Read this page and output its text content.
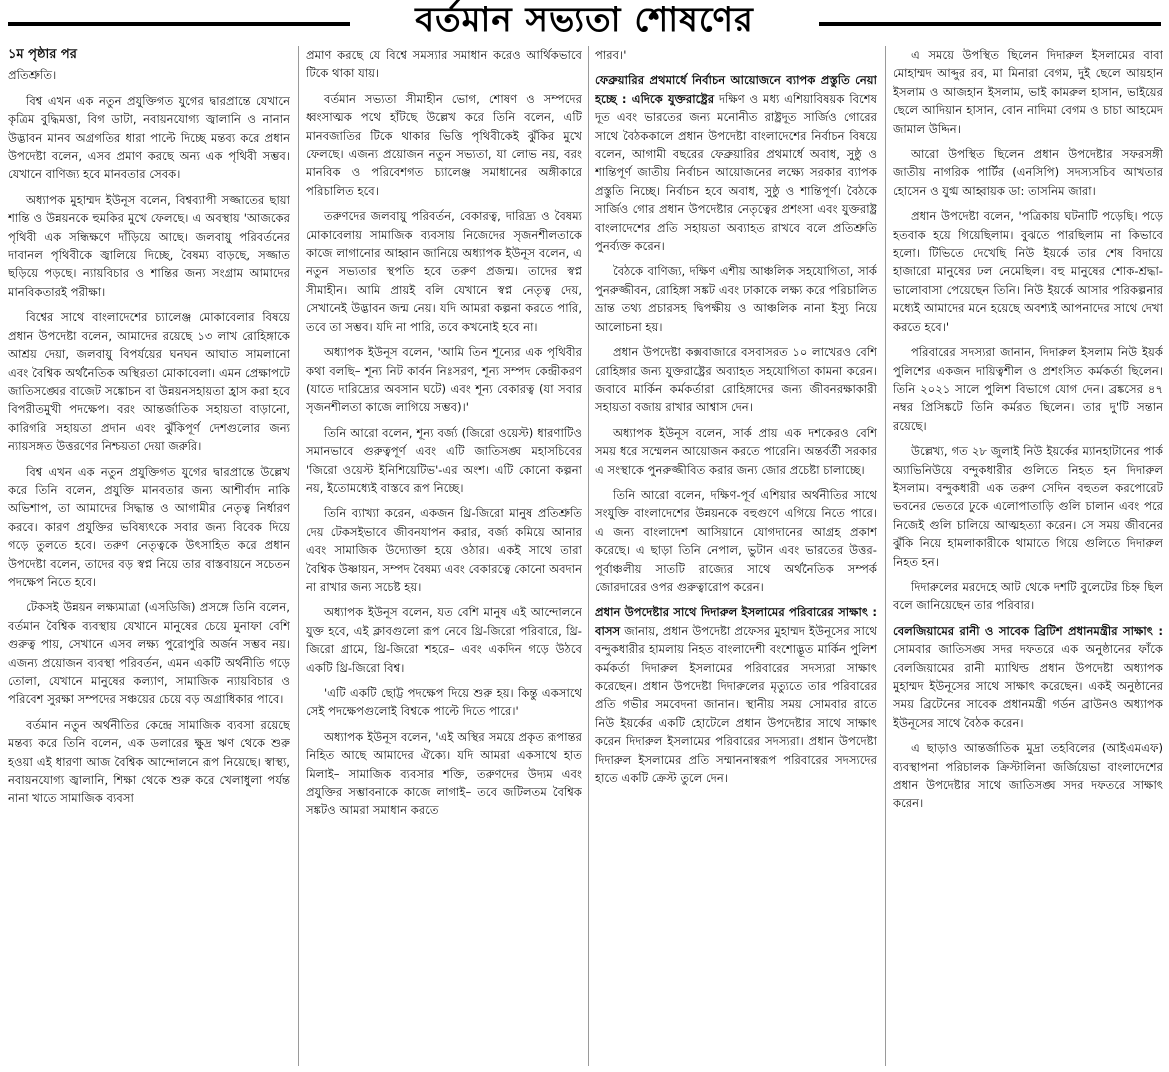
বর্তমান সভ্যতা শোষণের
১ম পৃষ্ঠার পর

প্রতিশ্রুতি।

বিশ্ব এখন এক নতুন প্রযুক্তিগত যুগের দ্বারপ্রান্তে যেখানে কৃত্রিম বুদ্ধিমত্তা, বিগ ডাটা, নবায়নযোগ্য জ্বালানি ও নানান উদ্ভাবন মানব অগ্রগতির ধারা পাল্টে দিচ্ছে মন্তব্য করে প্রধান উপদেষ্টা বলেন, এসব প্রমাণ করছে অন্য এক পৃথিবী সম্ভব। যেখানে বাণিজ্য হবে মানবতার সেবক।

অধ্যাপক মুহাম্মদ ইউনূস বলেন, বিশ্বব্যাপী সজ্জাতের ছায়া শান্তি ও উন্নয়নকে হুমকির মুখে ফেলছে। এ অবস্থায় 'আজকের পৃথিবী এক সন্ধিক্ষণে দাঁড়িয়ে আছে। জলবায়ু পরিবর্তনের দাবানল পৃথিবীকে জ্বালিয়ে দিচ্ছে, বৈষম্য বাড়ছে, সজ্জাত ছড়িয়ে পড়ছে। ন্যায়বিচার ও শান্তির জন্য সংগ্রাম আমাদের মানবিকতারই পরীক্ষা।

বিশ্বের সাথে বাংলাদেশের চ্যালেঞ্জ মোকাবেলার বিষয়ে প্রধান উপদেষ্টা বলেন, আমাদের রয়েছে ১৩ লাখ রোহিঙ্গাকে আশ্রয় দেয়া, জলবায়ু বিপর্যয়ের ঘনঘন আঘাত সামলানো এবং বৈশ্বিক অর্থনৈতিক অস্থিরতা মোকাবেলা। এমন প্রেক্ষাপটে জাতিসঙ্ঘের বাজেট সঙ্কোচন বা উন্নয়নসহায়তা হ্রাস করা হবে বিপরীতমুখী পদক্ষেপ। বরং আন্তর্জাতিক সহায়তা বাড়ানো, কারিগরি সহায়তা প্রদান এবং ঝুঁকিপূর্ণ দেশগুলোর জন্য ন্যায়সঙ্গত উত্তরণের নিশ্চয়তা দেয়া জরুরি।

বিশ্ব এখন এক নতুন প্রযুক্তিগত যুগের দ্বারপ্রান্তে উল্লেখ করে তিনি বলেন, প্রযুক্তি মানবতার জন্য আশীর্বাদ নাকি অভিশাপ, তা আমাদের সিদ্ধান্ত ও আগামীর নেতৃত্ব নির্ধারণ করবে। কারণ প্রযুক্তির ভবিষ্যৎকে সবার জন্য বিবেক দিয়ে গড়ে তুলতে হবে। তরুণ নেতৃত্বকে উৎসাহিত করে প্রধান উপদেষ্টা বলেন, তাদের বড় স্বপ্ন নিয়ে তার বাস্তবায়নে সচেতন পদক্ষেপ নিতে হবে।

টেকসই উন্নয়ন লক্ষ্যমাত্রা (এসডিজি) প্রসঙ্গে তিনি বলেন, বর্তমান বৈশ্বিক ব্যবস্থায় যেখানে মানুষের চেয়ে মুনাফা বেশি গুরুত্ব পায়, সেখানে এসব লক্ষ্য পুরোপুরি অর্জন সম্ভব নয়। এজন্য প্রয়োজন ব্যবস্থা পরিবর্তন, এমন একটি অর্থনীতি গড়ে তোলা, যেখানে মানুষের কল্যাণ, সামাজিক ন্যায়বিচার ও পরিবেশ সুরক্ষা সম্পদের সঞ্চয়ের চেয়ে বড় অগ্রাধিকার পাবে।

বর্তমান নতুন অর্থনীতির কেন্দ্রে সামাজিক ব্যবসা রয়েছে মন্তব্য করে তিনি বলেন, এক ডলারের ক্ষুদ্র ঋণ থেকে শুরু হওয়া এই ধারণা আজ বৈশ্বিক আন্দোলনে রূপ নিয়েছে। স্বাস্থ্য, নবায়নযোগ্য জ্বালানি, শিক্ষা থেকে শুরু করে খেলাধুলা পর্যন্ত নানা খাতে সামাজিক ব্যবসা

প্রমাণ করছে যে বিশ্বে সমস্যার সমাধান করেও আর্থিকভাবে টিকে থাকা যায়।

বর্তমান সভ্যতা সীমাহীন ভোগ, শোষণ ও সম্পদের ধ্বংসাত্মক পথে হাঁটছে উল্লেখ করে তিনি বলেন, এটি মানবজাতির টিকে থাকার ভিত্তি পৃথিবীকেই ঝুঁকির মুখে ফেলছে। এজন্য প্রয়োজন নতুন সভ্যতা, যা লোভ নয়, বরং মানবিক ও পরিবেশগত চ্যালেঞ্জ সমাধানের অঙ্গীকারে পরিচালিত হবে।

তরুণদের জলবায়ু পরিবর্তন, বেকারত্ব, দারিদ্র্য ও বৈষম্য মোকাবেলায় সামাজিক ব্যবসায় নিজেদের সৃজনশীলতাকে কাজে লাগানোর আহ্বান জানিয়ে অধ্যাপক ইউনূস বলেন, এ নতুন সভ্যতার স্থপতি হবে তরুণ প্রজন্ম। তাদের স্বপ্ন সীমাহীন। আমি প্রায়ই বলি যেখানে স্বপ্ন নেতৃত্ব দেয়, সেখানেই উদ্ভাবন জন্ম নেয়। যদি আমরা কল্পনা করতে পারি, তবে তা সম্ভব। যদি না পারি, তবে কখনোই হবে না।

অধ্যাপক ইউনূস বলেন, 'আমি তিন শূন্যের এক পৃথিবীর কথা বলছি– শূন্য নিট কার্বন নিঃসরণ, শূন্য সম্পদ কেন্দ্রীকরণ (যাতে দারিদ্র্যের অবসান ঘটে) এবং শূন্য বেকারত্ব (যা সবার সৃজনশীলতা কাজে লাগিয়ে সম্ভব)।'

তিনি আরো বলেন, শূন্য বর্জ্য (জিরো ওয়েস্ট) ধারণাটিও সমানভাবে গুরুত্বপূর্ণ এবং এটি জাতিসঙ্ঘ মহাসচিবের 'জিরো ওয়েস্ট ইনিশিয়েটিভ'-এর অংশ। এটি কোনো কল্পনা নয়, ইতোমধ্যেই বাস্তবে রূপ নিচ্ছে।

তিনি ব্যাখ্যা করেন, একজন থ্রি-জিরো মানুষ প্রতিশ্রুতি দেয় টেকসইভাবে জীবনযাপন করার, বর্জ্য কমিয়ে আনার এবং সামাজিক উদ্যোক্তা হয়ে ওঠার। একই সাথে তারা বৈশ্বিক উষ্ণায়ন, সম্পদ বৈষম্য এবং বেকারত্বে কোনো অবদান না রাখার জন্য সচেষ্ট হয়।

অধ্যাপক ইউনূস বলেন, যত বেশি মানুষ এই আন্দোলনে যুক্ত হবে, এই ক্লাবগুলো রূপ নেবে থ্রি-জিরো পরিবারে, থ্রি-জিরো গ্রামে, থ্রি-জিরো শহরে– এবং একদিন গড়ে উঠবে একটি থ্রি-জিরো বিশ্ব।

'এটি একটি ছোট্ট পদক্ষেপ দিয়ে শুরু হয়। কিন্তু একসাথে সেই পদক্ষেপগুলোই বিশ্বকে পাল্টে দিতে পারে।'

অধ্যাপক ইউনূস বলেন, 'এই অস্থির সময়ে প্রকৃত রূপান্তর নিহিত আছে আমাদের ঐক্যে। যদি আমরা একসাথে হাত মিলাই– সামাজিক ব্যবসার শক্তি, তরুণদের উদ্যম এবং প্রযুক্তির সম্ভাবনাকে কাজে লাগাই– তবে জটিলতম বৈশ্বিক সঙ্কটও আমরা সমাধান করতে

পারব।'

ফেব্রুয়ারির প্রথমার্ধে নির্বাচন আয়োজনে ব্যাপক প্রস্তুতি নেয়া হচ্ছে : এদিকে যুক্তরাষ্ট্রের দক্ষিণ ও মধ্য এশিয়াবিষয়ক বিশেষ দূত এবং ভারতের জন্য মনোনীত রাষ্ট্রদূত সার্জিও গোরের সাথে বৈঠককালে প্রধান উপদেষ্টা বাংলাদেশের নির্বাচন বিষয়ে বলেন, আগামী বছরের ফেব্রুয়ারির প্রথমার্ধে অবাধ, সুষ্ঠু ও শান্তিপূর্ণ জাতীয় নির্বাচন আয়োজনের লক্ষ্যে সরকার ব্যাপক প্রস্তুতি নিচ্ছে। নির্বাচন হবে অবাধ, সুষ্ঠু ও শান্তিপূর্ণ। বৈঠকে সার্জিও গোর প্রধান উপদেষ্টার নেতৃত্বের প্রশংসা এবং যুক্তরাষ্ট্র বাংলাদেশের প্রতি সহায়তা অব্যাহত রাখবে বলে প্রতিশ্রুতি পুনর্ব্যক্ত করেন।

বৈঠকে বাণিজ্য, দক্ষিণ এশীয় আঞ্চলিক সহযোগিতা, সার্ক পুনরুজ্জীবন, রোহিঙ্গা সঙ্কট এবং ঢাকাকে লক্ষ্য করে পরিচালিত ভ্রান্ত তথ্য প্রচারসহ দ্বিপক্ষীয় ও আঞ্চলিক নানা ইস্যু নিয়ে আলোচনা হয়।

প্রধান উপদেষ্টা কক্সবাজারে বসবাসরত ১০ লাখেরও বেশি রোহিঙ্গার জন্য যুক্তরাষ্ট্রের অব্যাহত সহযোগিতা কামনা করেন। জবাবে মার্কিন কর্মকর্তারা রোহিঙ্গাদের জন্য জীবনরক্ষাকারী সহায়তা বজায় রাখার আশ্বাস দেন।

অধ্যাপক ইউনূস বলেন, সার্ক প্রায় এক দশকেরও বেশি সময় ধরে সম্মেলন আয়োজন করতে পারেনি। অন্তর্বর্তী সরকার এ সংস্থাকে পুনরুজ্জীবিত করার জন্য জোর প্রচেষ্টা চালাচ্ছে।

তিনি আরো বলেন, দক্ষিণ-পূর্ব এশিয়ার অর্থনীতির সাথে সংযুক্তি বাংলাদেশের উন্নয়নকে বহুগুণে এগিয়ে নিতে পারে। এ জন্য বাংলাদেশ আসিয়ানে যোগদানের আগ্রহ প্রকাশ করেছে। এ ছাড়া তিনি নেপাল, ভুটান এবং ভারতের উত্তর-পূর্বাঞ্চলীয় সাতটি রাজ্যের সাথে অর্থনৈতিক সম্পর্ক জোরদারের ওপর গুরুত্বারোপ করেন।

প্রধান উপদেষ্টার সাথে দিদারুল ইসলামের পরিবারের সাক্ষাৎ : বাসস জানায়, প্রধান উপদেষ্টা প্রফেসর মুহাম্মদ ইউনূসের সাথে বন্দুকধারীর হামলায় নিহত বাংলাদেশী বংশোদ্ভূত মার্কিন পুলিশ কর্মকর্তা দিদারুল ইসলামের পরিবারের সদস্যরা সাক্ষাৎ করেছেন। প্রধান উপদেষ্টা দিদারুলের মৃত্যুতে তার পরিবারের প্রতি গভীর সমবেদনা জানান। স্থানীয় সময় সোমবার রাতে নিউ ইয়র্কের একটি হোটেলে প্রধান উপদেষ্টার সাথে সাক্ষাৎ করেন দিদারুল ইসলামের পরিবারের সদস্যরা। প্রধান উপদেষ্টা দিদারুল ইসলামের প্রতি সম্মাননাস্বরূপ পরিবারের সদস্যদের হাতে একটি ক্রেস্ট তুলে দেন।

এ সময়ে উপস্থিত ছিলেন দিদারুল ইসলামের বাবা মোহাম্মদ আব্দুর রব, মা মিনারা বেগম, দুই ছেলে আয়হান ইসলাম ও আজহান ইসলাম, ভাই কামরুল হাসান, ভাইয়ের ছেলে আদিয়ান হাসান, বোন নাদিমা বেগম ও চাচা আহমেদ জামাল উদ্দিন।

আরো উপস্থিত ছিলেন প্রধান উপদেষ্টার সফরসঙ্গী জাতীয় নাগরিক পার্টির (এনসিপি) সদস্যসচিব আখতার হোসেন ও যুগ্ম আহ্বায়ক ডা: তাসনিম জারা।

প্রধান উপদেষ্টা বলেন, 'পত্রিকায় ঘটনাটি পড়েছি। পড়ে হতবাক হয়ে গিয়েছিলাম। বুঝতে পারছিলাম না কিভাবে হলো। টিভিতে দেখেছি নিউ ইয়র্কে তার শেষ বিদায়ে হাজারো মানুষের ঢল নেমেছিল। বহু মানুষের শোক-শ্রদ্ধা-ভালোবাসা পেয়েছেন তিনি। নিউ ইয়র্কে আসার পরিকল্পনার মধ্যেই আমাদের মনে হয়েছে অবশ্যই আপনাদের সাথে দেখা করতে হবে।'

পরিবারের সদস্যরা জানান, দিদারুল ইসলাম নিউ ইয়র্ক পুলিশের একজন দায়িত্বশীল ও প্রশংসিত কর্মকর্তা ছিলেন। তিনি ২০২১ সালে পুলিশ বিভাগে যোগ দেন। ব্রঙ্কসের ৪৭ নম্বর প্রিসিঙ্কটে তিনি কর্মরত ছিলেন। তার দু'টি সন্তান রয়েছে।

উল্লেখ্য, গত ২৮ জুলাই নিউ ইয়র্কের ম্যানহাটানের পার্ক অ্যাভিনিউয়ে বন্দুকধারীর গুলিতে নিহত হন দিদারুল ইসলাম। বন্দুকধারী এক তরুণ সেদিন বহুতল করপোরেট ভবনের ভেতরে ঢুকে এলোপাতাড়ি গুলি চালান এবং পরে নিজেই গুলি চালিয়ে আত্মহত্যা করেন। সে সময় জীবনের ঝুঁকি নিয়ে হামলাকারীকে থামাতে গিয়ে গুলিতে দিদারুল নিহত হন।

দিদারুলের মরদেহে আট থেকে দশটি বুলেটের চিহ্ন ছিল বলে জানিয়েছেন তার পরিবার।

বেলজিয়ামের রানী ও সাবেক ব্রিটিশ প্রধানমন্ত্রীর সাক্ষাৎ : সোমবার জাতিসঙ্ঘ সদর দফতরে এক অনুষ্ঠানের ফাঁকে বেলজিয়ামের রানী ম্যাথিল্ড প্রধান উপদেষ্টা অধ্যাপক মুহাম্মদ ইউনূসের সাথে সাক্ষাৎ করেছেন। একই অনুষ্ঠানের সময় ব্রিটেনের সাবেক প্রধানমন্ত্রী গর্ডন ব্রাউনও অধ্যাপক ইউনূসের সাথে বৈঠক করেন।

এ ছাড়াও আন্তর্জাতিক মুদ্রা তহবিলের (আইএমএফ) ব্যবস্থাপনা পরিচালক ক্রিস্টালিনা জর্জিয়েভা বাংলাদেশের প্রধান উপদেষ্টার সাথে জাতিসঙ্ঘ সদর দফতরে সাক্ষাৎ করেন।
